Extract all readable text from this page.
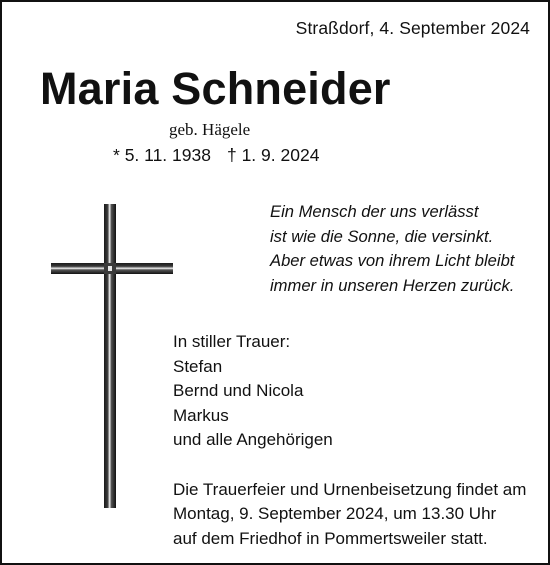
Straßdorf, 4. September 2024
Maria Schneider
geb. Hägele
* 5. 11. 1938 † 1. 9. 2024
Ein Mensch der uns verlässt
ist wie die Sonne, die versinkt.
Aber etwas von ihrem Licht bleibt
immer in unseren Herzen zurück.
In stiller Trauer:
Stefan
Bernd und Nicola
Markus
und alle Angehörigen
Die Trauerfeier und Urnenbeisetzung findet am
Montag, 9. September 2024, um 13.30 Uhr
auf dem Friedhof in Pommertsweiler statt.
